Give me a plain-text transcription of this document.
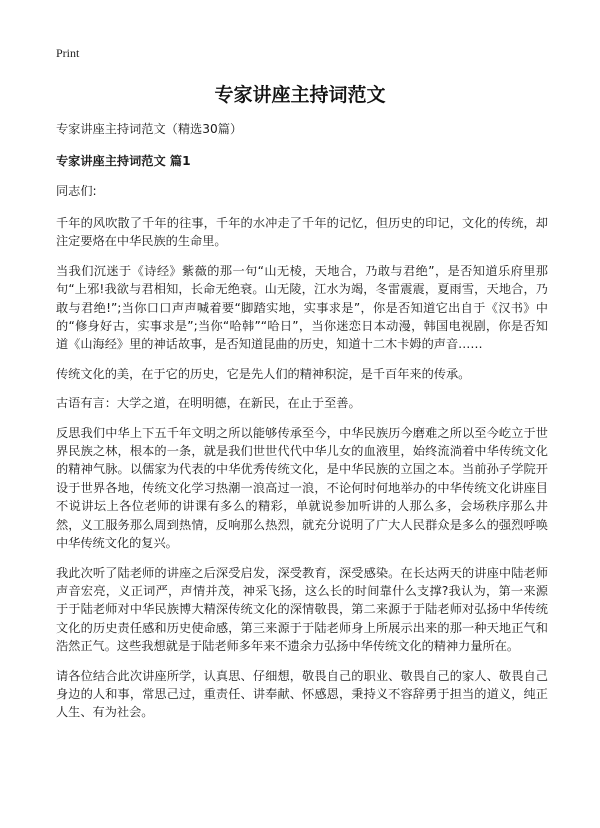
Print
专家讲座主持词范文

专家讲座主持词范文（精选30篇）

专家讲座主持词范文 篇1

同志们:

千年的风吹散了千年的往事，千年的水冲走了千年的记忆，但历史的印记，文化的传统，却注定要烙在中华民族的生命里。

当我们沉迷于《诗经》紫薇的那一句“山无棱，天地合，乃敢与君绝”，是否知道乐府里那句“上邪!我欲与君相知，长命无绝衰。山无陵，江水为竭，冬雷震震，夏雨雪，天地合，乃敢与君绝!”;当你口口声声喊着要“脚踏实地，实事求是”，你是否知道它出自于《汉书》中的“修身好古，实事求是”;当你“哈韩”“哈日”，当你迷恋日本动漫，韩国电视剧，你是否知道《山海经》里的神话故事，是否知道昆曲的历史，知道十二木卡姆的声音……

传统文化的美，在于它的历史，它是先人们的精神积淀，是千百年来的传承。

古语有言：大学之道，在明明德，在新民，在止于至善。

反思我们中华上下五千年文明之所以能够传承至今，中华民族历今磨难之所以至今屹立于世界民族之林，根本的一条，就是我们世世代代中华儿女的血液里，始终流淌着中华传统文化的精神气脉。以儒家为代表的中华优秀传统文化，是中华民族的立国之本。当前孙子学院开设于世界各地，传统文化学习热潮一浪高过一浪，不论何时何地举办的中华传统文化讲座目不说讲坛上各位老师的讲课有多么的精彩，单就说参加听讲的人那么多，会场秩序那么井然，义工服务那么周到热情，反响那么热烈，就充分说明了广大人民群众是多么的强烈呼唤中华传统文化的复兴。

我此次听了陆老师的讲座之后深受启发，深受教育，深受感染。在长达两天的讲座中陆老师声音宏亮，义正词严，声情并茂，神采飞扬，这么长的时间靠什么支撑?我认为，第一来源于于陆老师对中华民族博大精深传统文化的深情敬畏，第二来源于于陆老师对弘扬中华传统文化的历史责任感和历史使命感，第三来源于于陆老师身上所展示出来的那一种天地正气和浩然正气。这些我想就是于陆老师多年来不遗余力弘扬中华传统文化的精神力量所在。

请各位结合此次讲座所学，认真思、仔细想，敬畏自己的职业、敬畏自己的家人、敬畏自己身边的人和事，常思己过，重责任、讲奉献、怀感恩，秉持义不容辞勇于担当的道义，纯正人生、有为社会。
